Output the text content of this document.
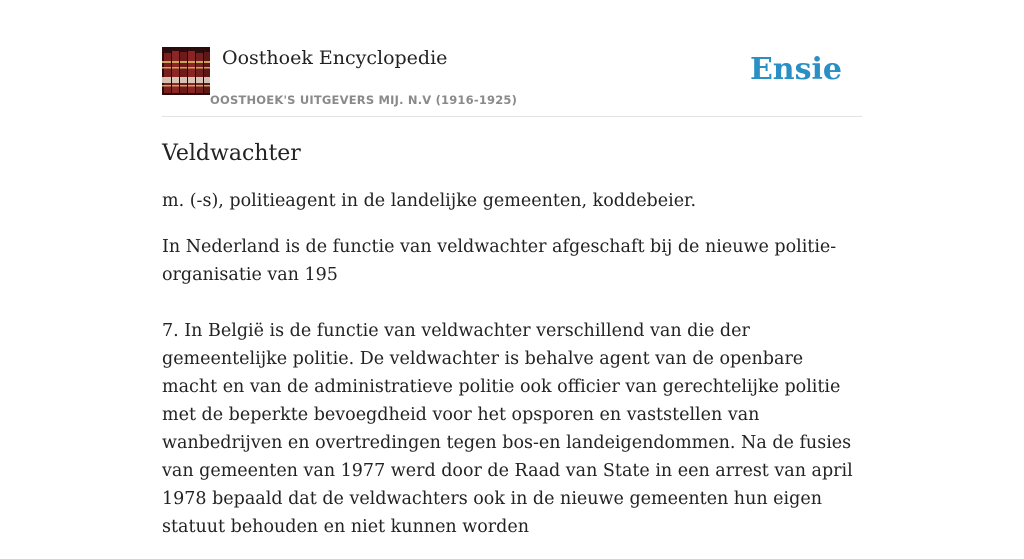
Oosthoek Encyclopedie
OOSTHOEK'S UITGEVERS MIJ. N.V (1916-1925)
Ensie
Veldwachter

m. (-s), politieagent in de landelijke gemeenten, koddebeier.

In Nederland is de functie van veldwachter afgeschaft bij de nieuwe politie-organisatie van 195

7. In België is de functie van veldwachter verschillend van die der gemeentelijke politie. De veldwachter is behalve agent van de openbare macht en van de administratieve politie ook officier van gerechtelijke politie met de beperkte bevoegdheid voor het opsporen en vaststellen van wanbedrijven en overtredingen tegen bos-en landeigendommen. Na de fusies van gemeenten van 1977 werd door de Raad van State in een arrest van april 1978 bepaald dat de veldwachters ook in de nieuwe gemeenten hun eigen statuut behouden en niet kunnen worden
